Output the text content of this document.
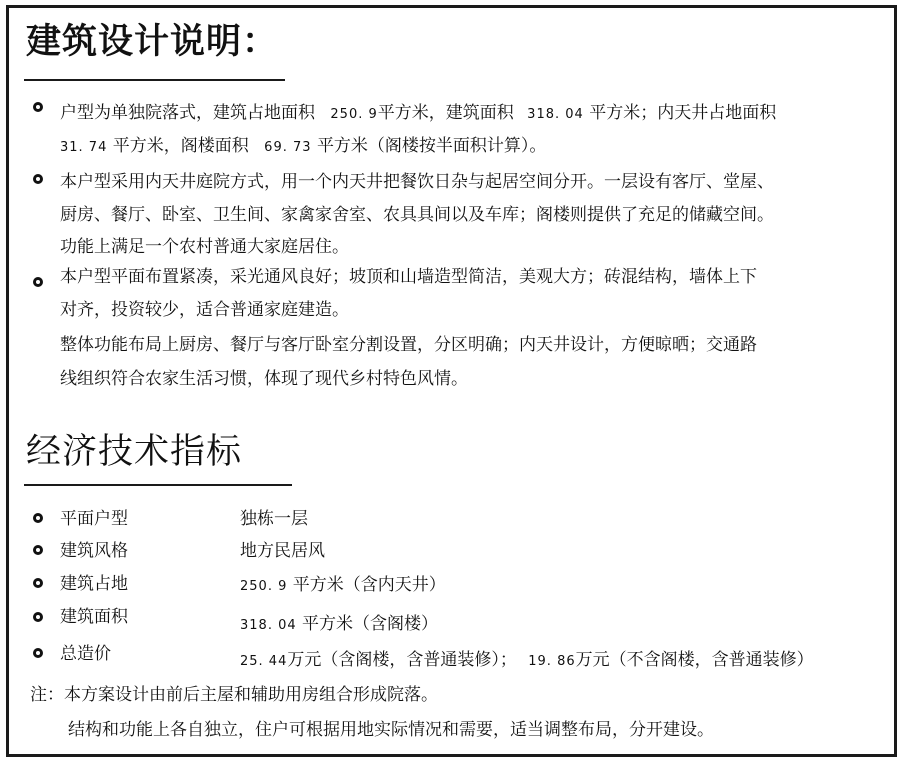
建筑设计说明：
户型为单独院落式，建筑占地面积 250. 9平方米，建筑面积 318. 04 平方米；内天井占地面积
31. 74 平方米，阁楼面积 69. 73 平方米（阁楼按半面积计算）。
本户型采用内天井庭院方式，用一个内天井把餐饮日杂与起居空间分开。一层设有客厅、堂屋、
厨房、餐厅、卧室、卫生间、家禽家舍室、农具具间以及车库；阁楼则提供了充足的储藏空间。
功能上满足一个农村普通大家庭居住。
本户型平面布置紧凑，采光通风良好；坡顶和山墙造型简洁，美观大方；砖混结构，墙体上下
对齐，投资较少，适合普通家庭建造。
整体功能布局上厨房、餐厅与客厅卧室分割设置，分区明确；内天井设计，方便晾晒；交通路
线组织符合农家生活习惯，体现了现代乡村特色风情。
经济技术指标
平面户型	独栋一层
建筑风格	地方民居风
建筑占地	250. 9 平方米（含内天井）
建筑面积	318. 04 平方米（含阁楼）
总造价	25. 44万元（含阁楼，含普通装修）； 19. 86万元（不含阁楼，含普通装修）
注：本方案设计由前后主屋和辅助用房组合形成院落。
结构和功能上各自独立，住户可根据用地实际情况和需要，适当调整布局，分开建设。
